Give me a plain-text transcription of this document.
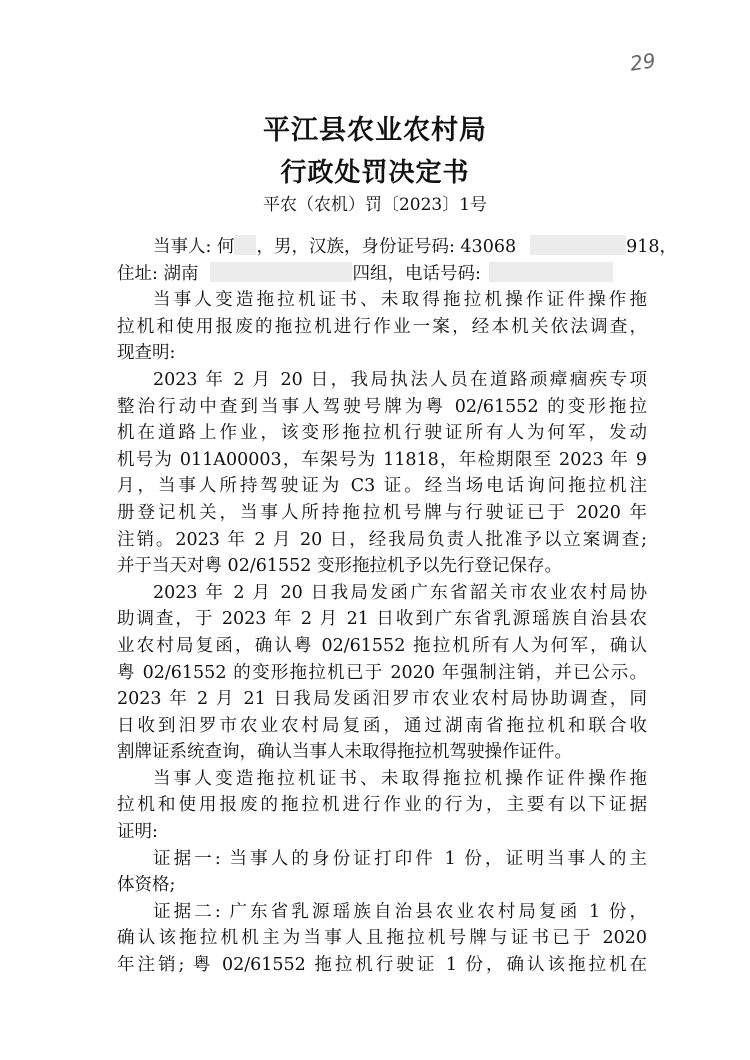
29
平江县农业农村局
行政处罚决定书
平农（农机）罚〔2023〕1号
当事人: 何 ，男，汉族，身份证号码: 43068	918，
住址: 湖南	四组，电话号码:
当事人变造拖拉机证书、未取得拖拉机操作证件操作拖
拉机和使用报废的拖拉机进行作业一案，经本机关依法调查，
现查明:
2023 年 2 月 20 日，我局执法人员在道路顽瘴痼疾专项
整治行动中查到当事人驾驶号牌为粤 02/61552 的变形拖拉
机在道路上作业，该变形拖拉机行驶证所有人为何军，发动
机号为 011A00003，车架号为 11818，年检期限至 2023 年 9
月，当事人所持驾驶证为 C3 证。经当场电话询问拖拉机注
册登记机关，当事人所持拖拉机号牌与行驶证已于 2020 年
注销。2023 年 2 月 20 日，经我局负责人批准予以立案调查;
并于当天对粤 02/61552 变形拖拉机予以先行登记保存。
2023 年 2 月 20 日我局发函广东省韶关市农业农村局协
助调查，于 2023 年 2 月 21 日收到广东省乳源瑶族自治县农
业农村局复函，确认粤 02/61552 拖拉机所有人为何军，确认
粤 02/61552 的变形拖拉机已于 2020 年强制注销，并已公示。
2023 年 2 月 21 日我局发函汨罗市农业农村局协助调查，同
日收到汨罗市农业农村局复函，通过湖南省拖拉机和联合收
割牌证系统查询，确认当事人未取得拖拉机驾驶操作证件。
当事人变造拖拉机证书、未取得拖拉机操作证件操作拖
拉机和使用报废的拖拉机进行作业的行为，主要有以下证据
证明:
证据一: 当事人的身份证打印件 1 份，证明当事人的主
体资格;
证据二: 广东省乳源瑶族自治县农业农村局复函 1 份，
确认该拖拉机机主为当事人且拖拉机号牌与证书已于 2020
年注销; 粤 02/61552 拖拉机行驶证 1 份，确认该拖拉机在
